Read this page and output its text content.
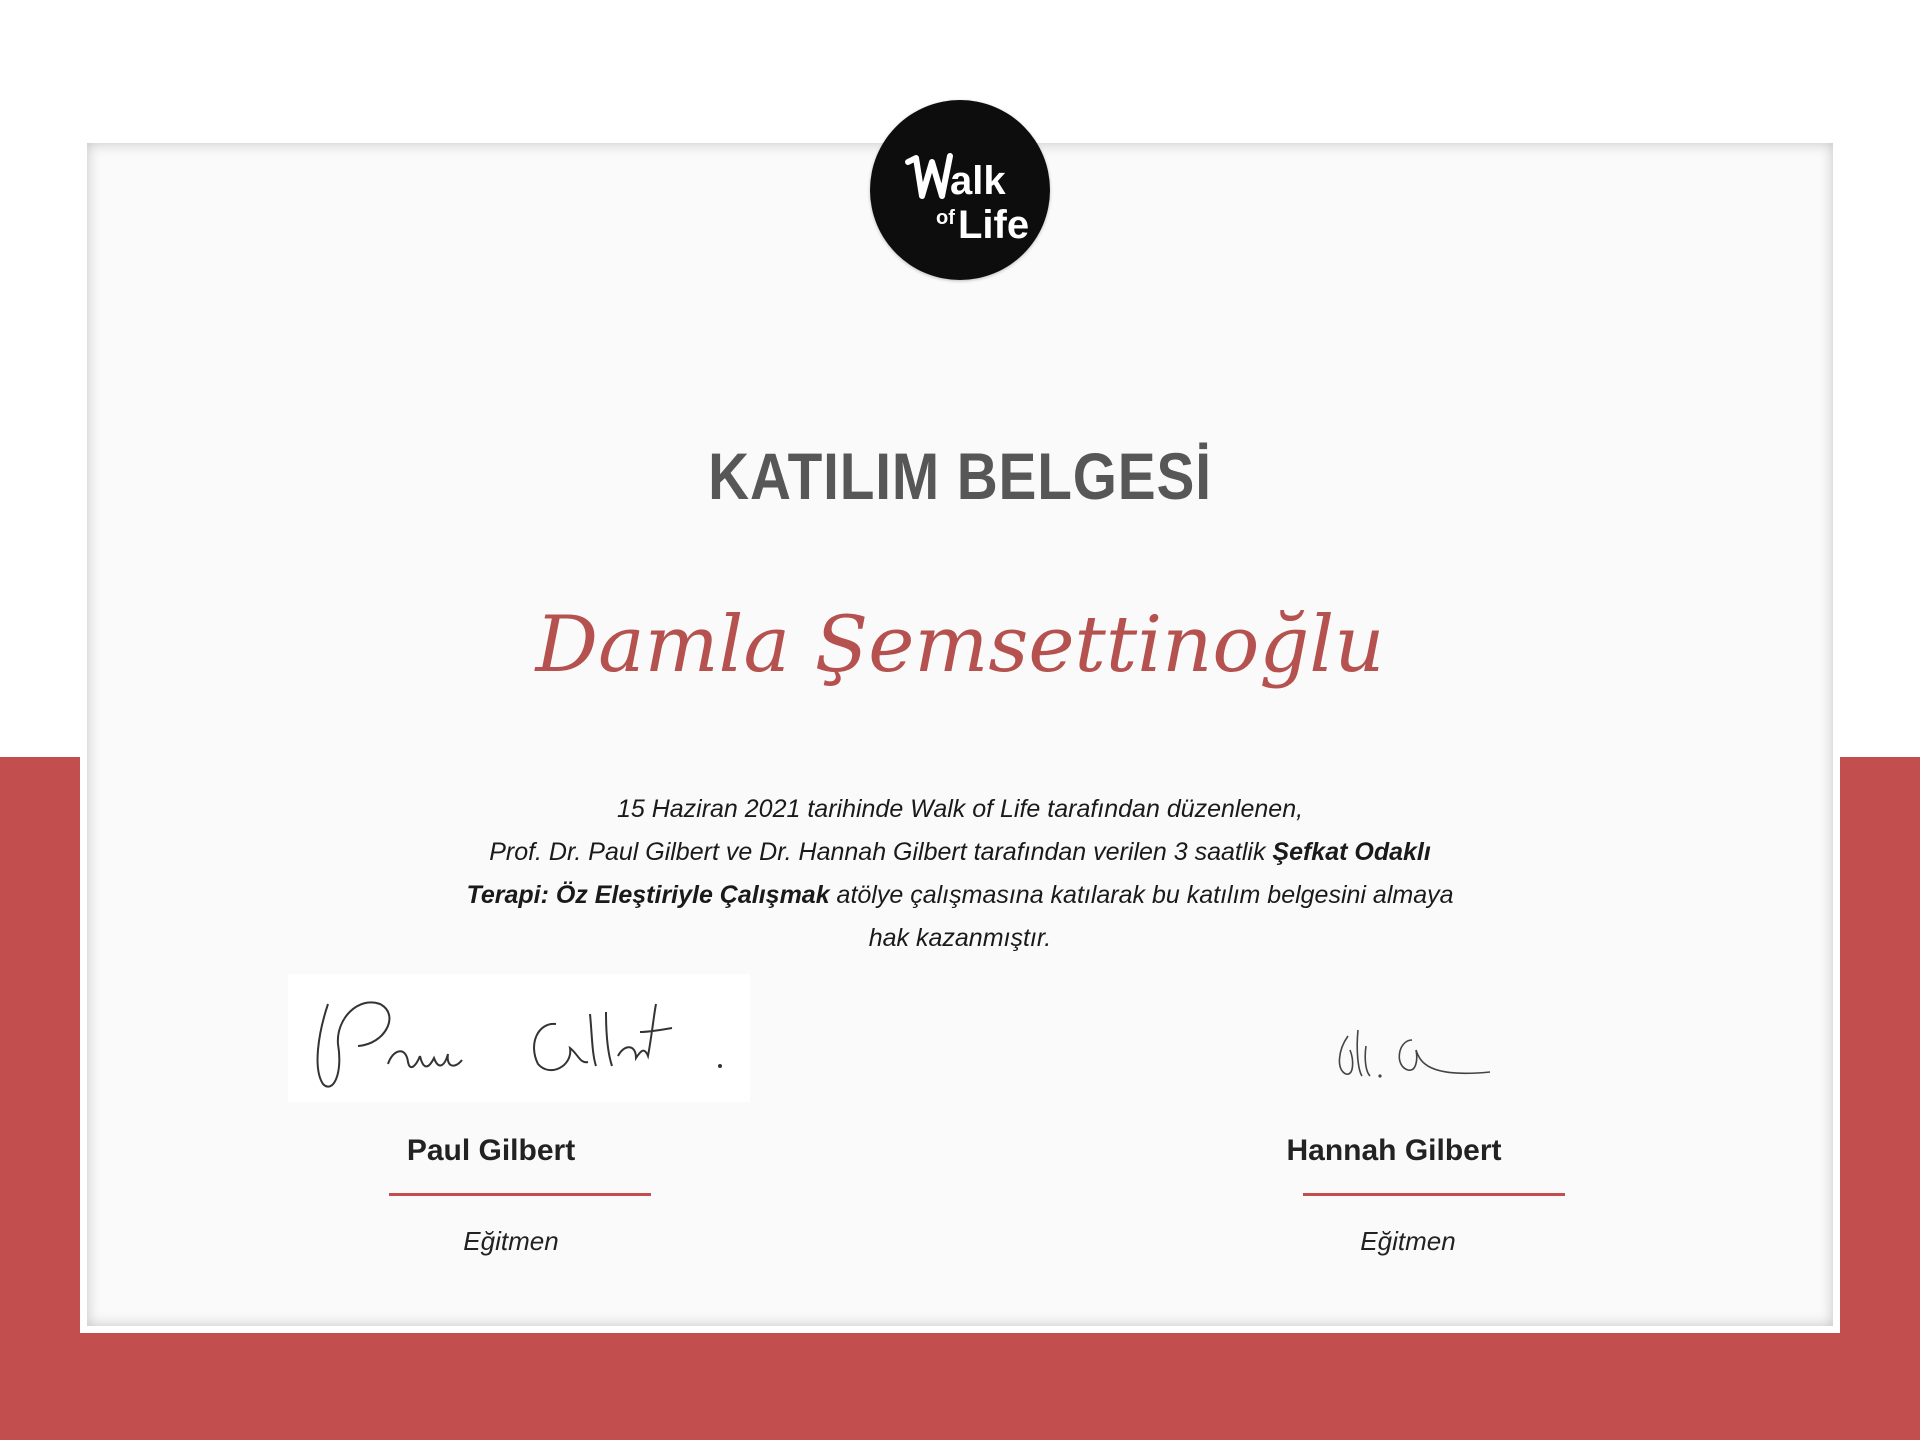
alk
of Life
KATILIM BELGESİ
Damla Şemsettinoğlu
15 Haziran 2021 tarihinde Walk of Life tarafından düzenlenen,
Prof. Dr. Paul Gilbert ve Dr. Hannah Gilbert tarafından verilen 3 saatlik Şefkat Odaklı
Terapi: Öz Eleştiriyle Çalışmak atölye çalışmasına katılarak bu katılım belgesini almaya
hak kazanmıştır.
Paul Gilbert
Eğitmen
Hannah Gilbert
Eğitmen
